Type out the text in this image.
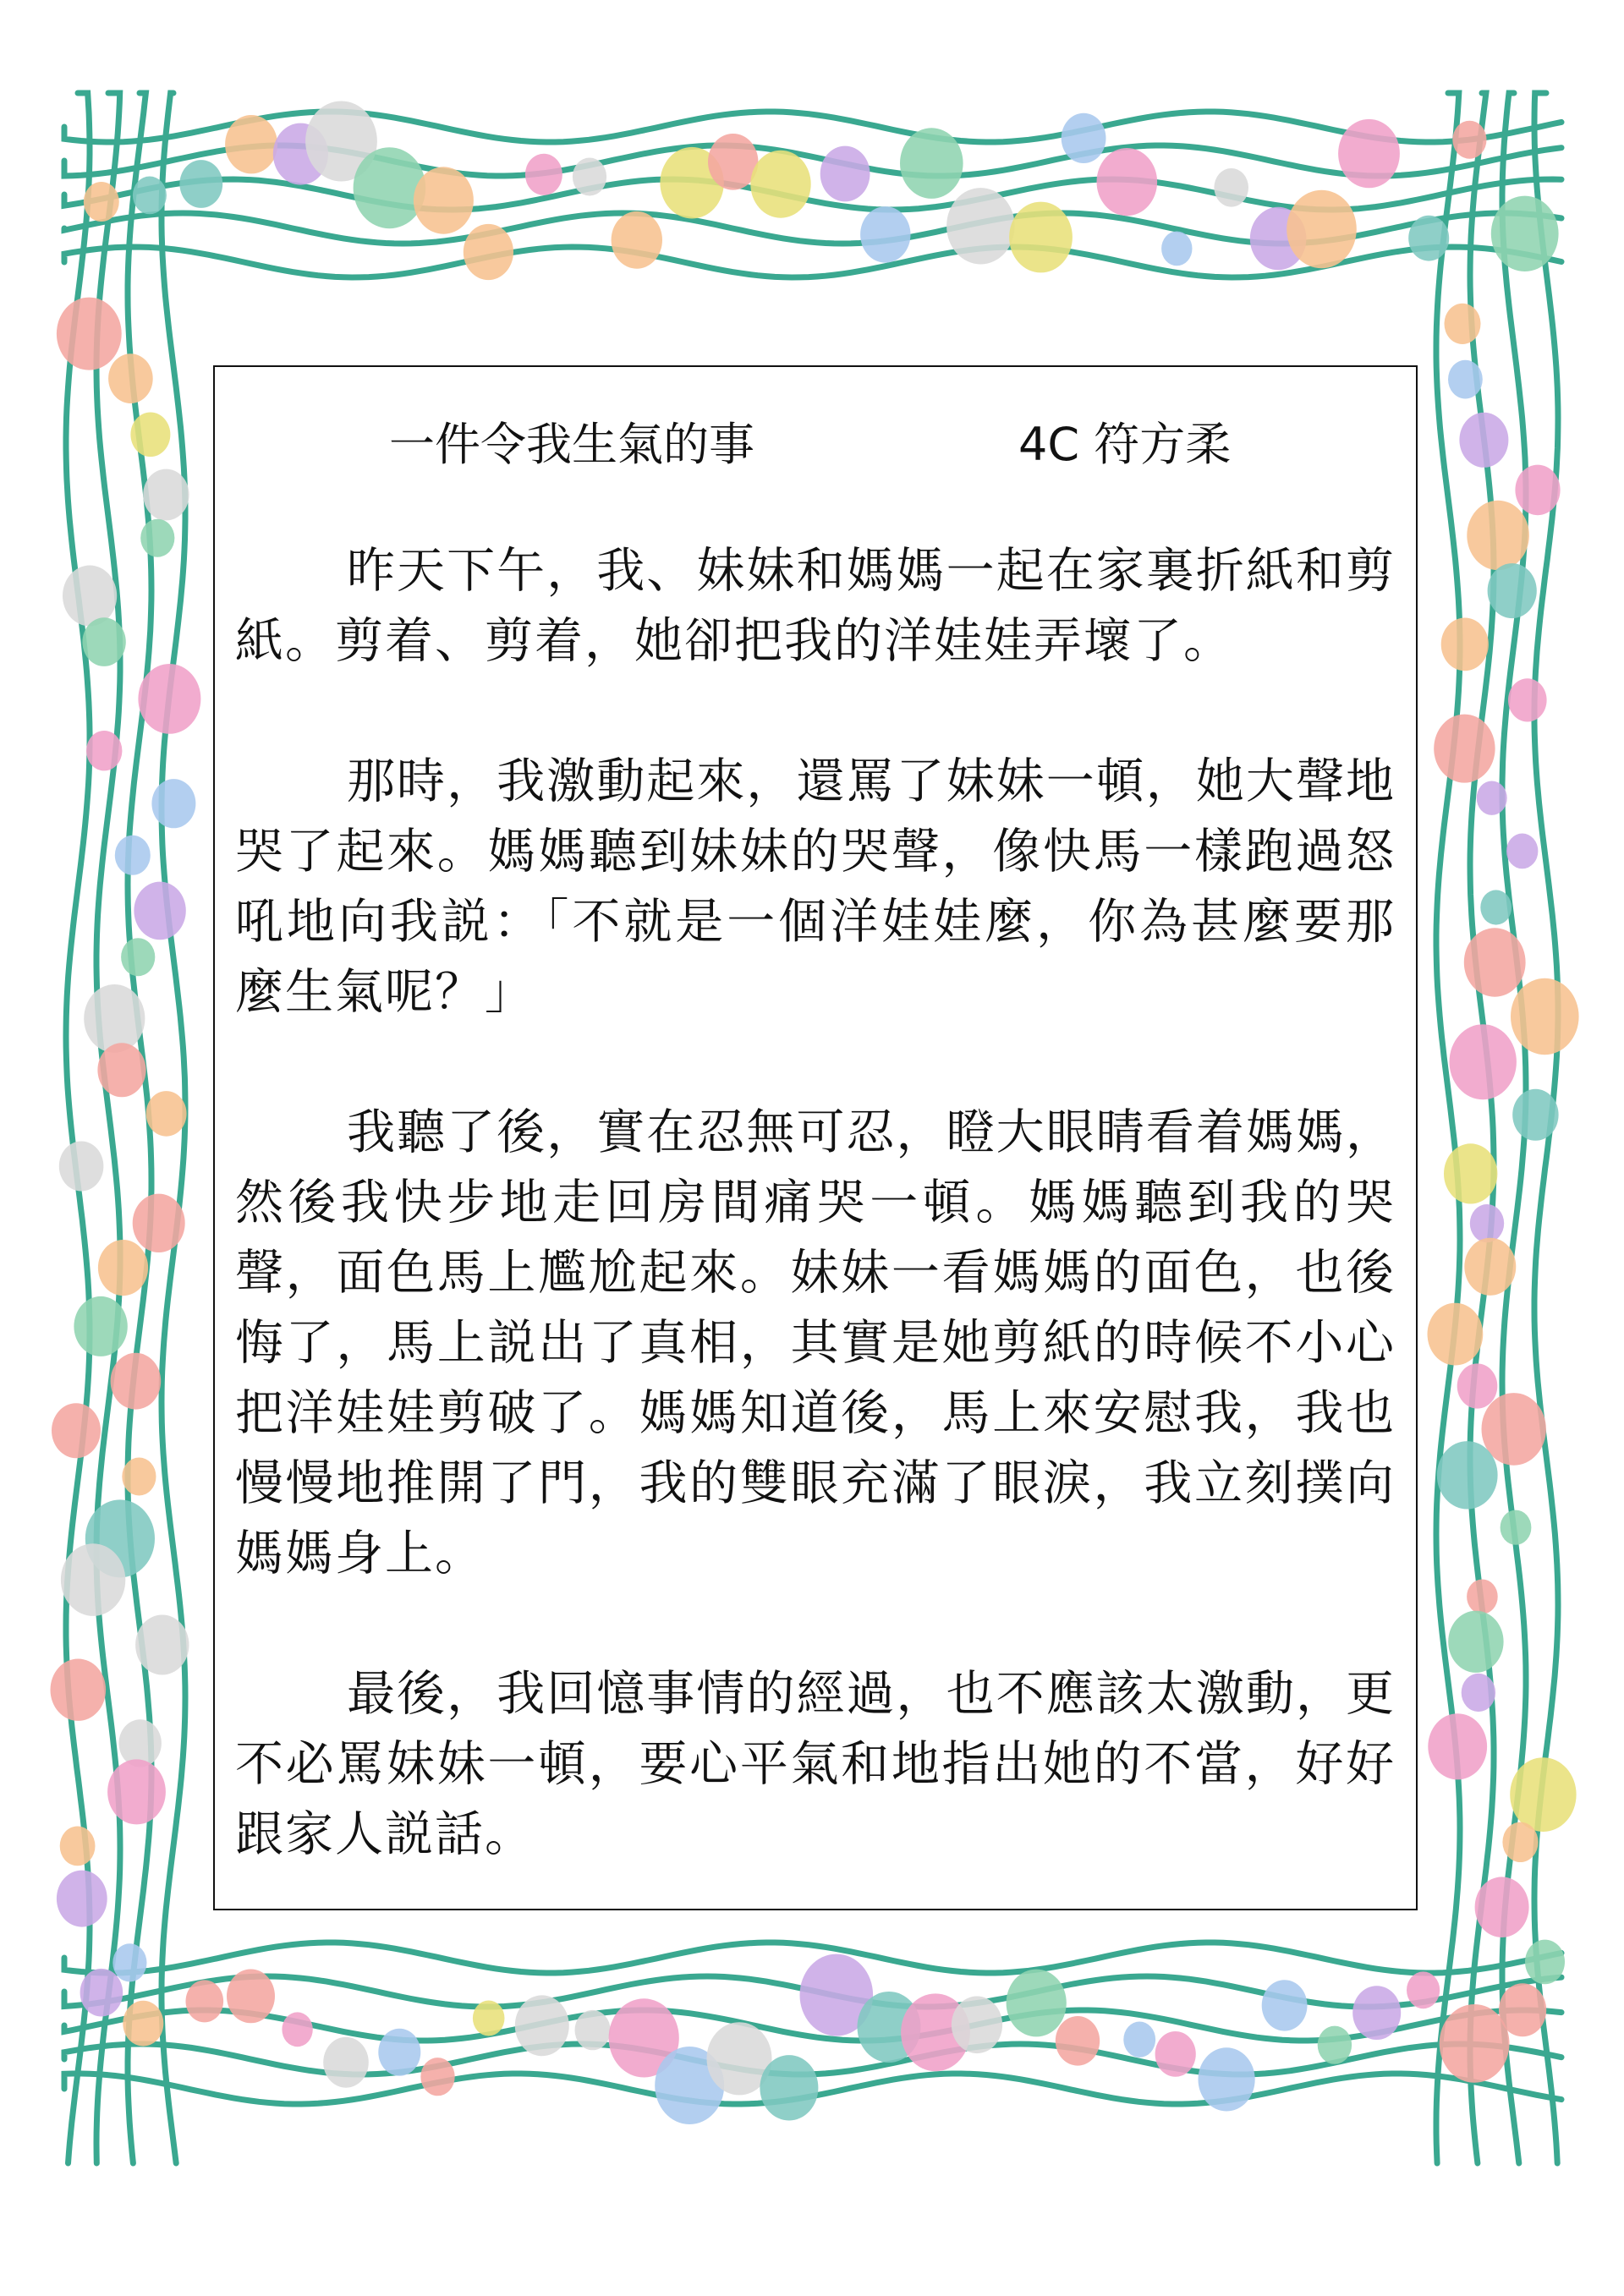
一件令我生氣的事	4C 符方柔

昨天下午，我、妹妹和媽媽一起在家裏折紙和剪紙。剪着、剪着，她卻把我的洋娃娃弄壞了。

那時，我激動起來，還罵了妹妹一頓，她大聲地哭了起來。媽媽聽到妹妹的哭聲，像快馬一樣跑過怒吼地向我説：「不就是一個洋娃娃麼，你為甚麼要那麼生氣呢？」

我聽了後，實在忍無可忍，瞪大眼睛看着媽媽，然後我快步地走回房間痛哭一頓。媽媽聽到我的哭聲，面色馬上尷尬起來。妹妹一看媽媽的面色，也後悔了，馬上説出了真相，其實是她剪紙的時候不小心把洋娃娃剪破了。媽媽知道後，馬上來安慰我，我也慢慢地推開了門，我的雙眼充滿了眼淚，我立刻撲向媽媽身上。

最後，我回憶事情的經過，也不應該太激動，更不必罵妹妹一頓，要心平氣和地指出她的不當，好好跟家人説話。
